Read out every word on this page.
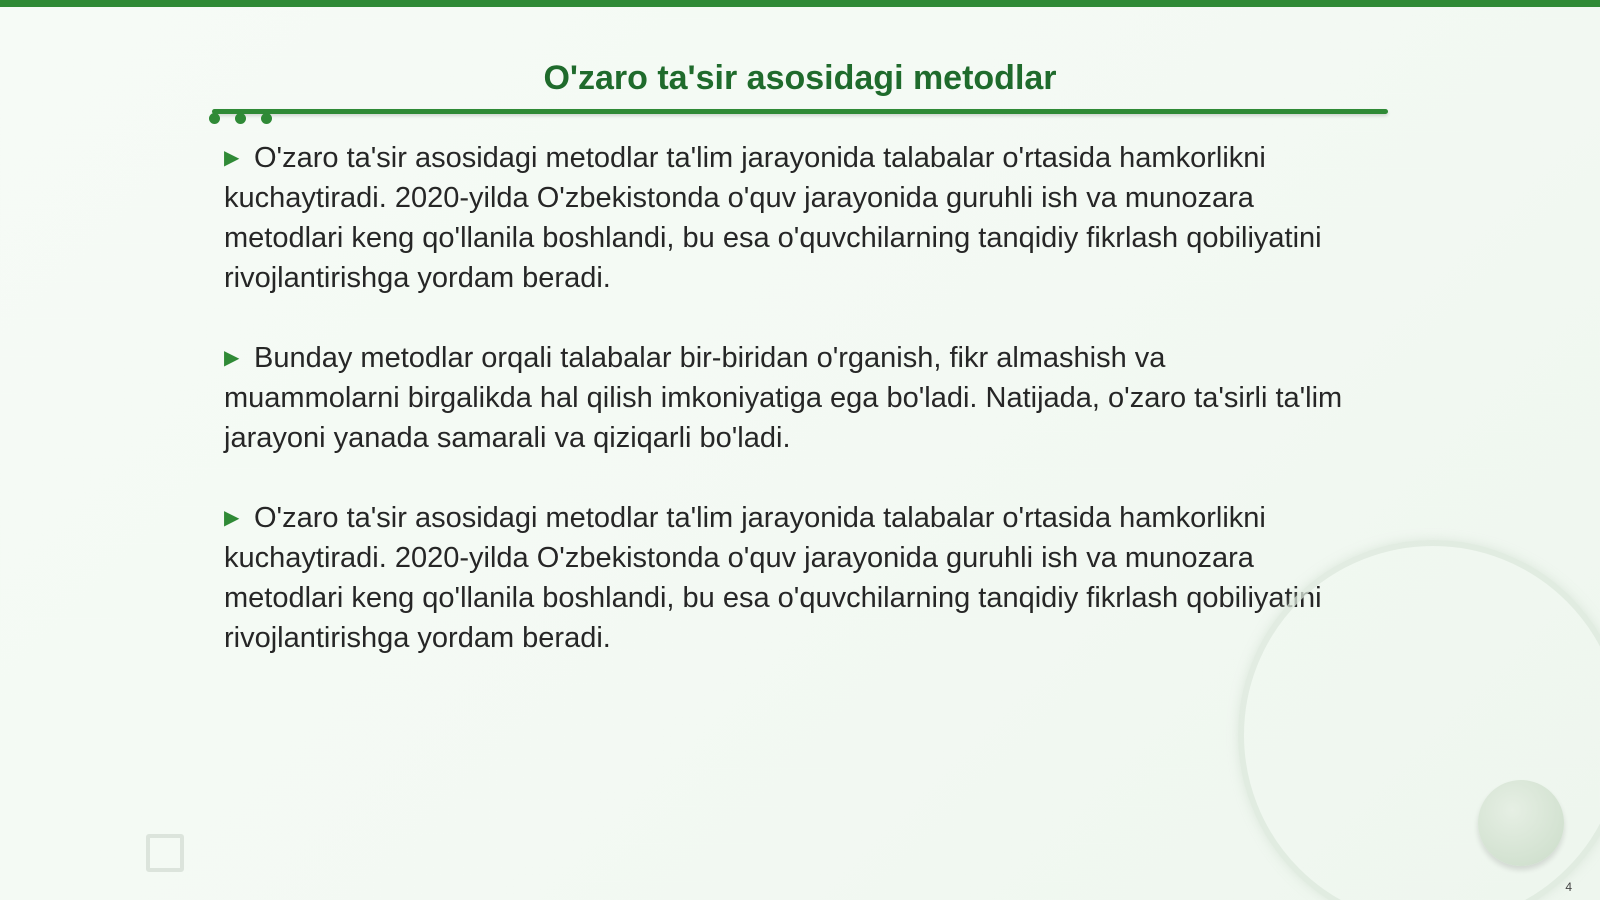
O'zaro ta'sir asosidagi metodlar

▶ O'zaro ta'sir asosidagi metodlar ta'lim jarayonida talabalar o'rtasida hamkorlikni kuchaytiradi. 2020-yilda O'zbekistonda o'quv jarayonida guruhli ish va munozara metodlari keng qo'llanila boshlandi, bu esa o'quvchilarning tanqidiy fikrlash qobiliyatini rivojlantirishga yordam beradi.

▶ Bunday metodlar orqali talabalar bir-biridan o'rganish, fikr almashish va muammolarni birgalikda hal qilish imkoniyatiga ega bo'ladi. Natijada, o'zaro ta'sirli ta'lim jarayoni yanada samarali va qiziqarli bo'ladi.

▶ O'zaro ta'sir asosidagi metodlar ta'lim jarayonida talabalar o'rtasida hamkorlikni kuchaytiradi. 2020-yilda O'zbekistonda o'quv jarayonida guruhli ish va munozara metodlari keng qo'llanila boshlandi, bu esa o'quvchilarning tanqidiy fikrlash qobiliyatini rivojlantirishga yordam beradi.

4
